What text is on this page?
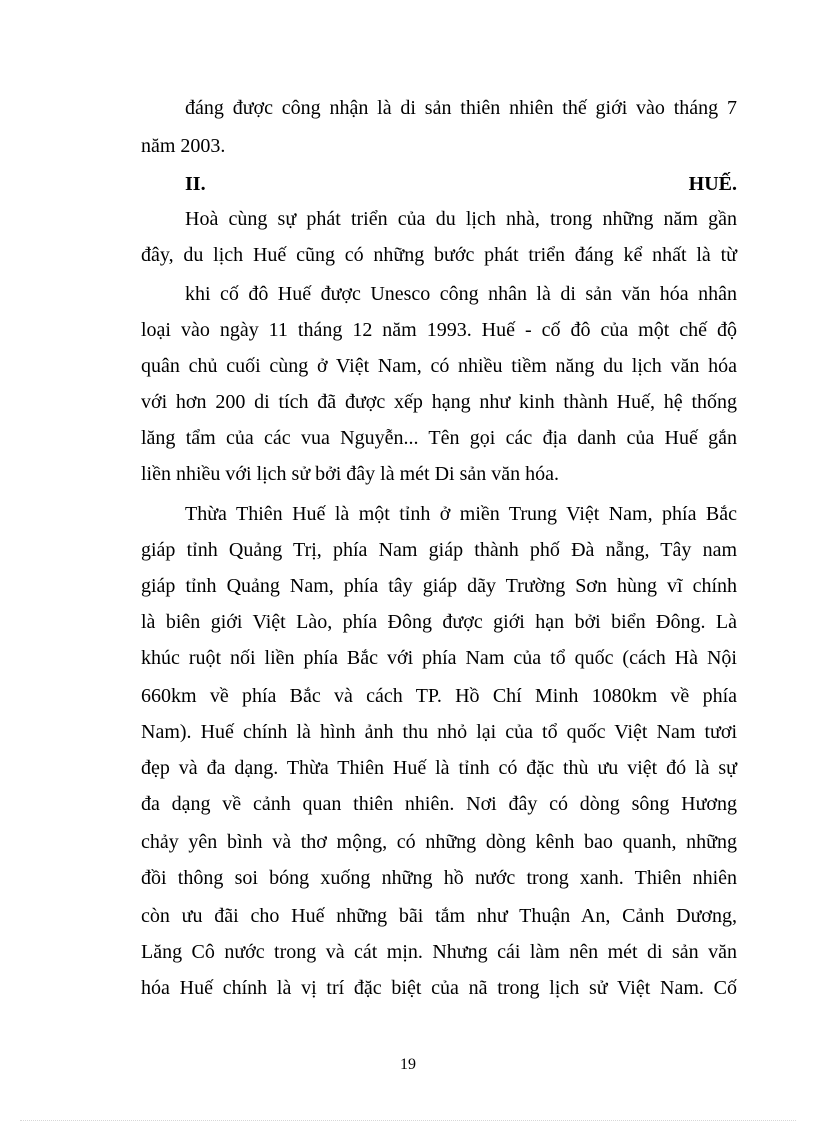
đáng được công nhận là di sản thiên nhiên thế giới vào tháng 7
năm 2003.
II.	HUẾ.
Hoà cùng sự phát triển của du lịch nhà, trong những năm gần
đây, du lịch Huế cũng có những bước phát triển đáng kể nhất là từ
khi cố đô Huế được Unesco công nhân là di sản văn hóa nhân
loại vào ngày 11 tháng 12 năm 1993. Huế - cố đô của một chế độ
quân chủ cuối cùng ở Việt Nam, có nhiều tiềm năng du lịch văn hóa
với hơn 200 di tích đã được xếp hạng như kinh thành Huế, hệ thống
lăng tẩm của các vua Nguyễn... Tên gọi các địa danh của Huế gắn
liền nhiều với lịch sử bởi đây là mét Di sản văn hóa.
Thừa Thiên Huế là một tỉnh ở miền Trung Việt Nam, phía Bắc
giáp tỉnh Quảng Trị, phía Nam giáp thành phố Đà nẵng, Tây nam
giáp tỉnh Quảng Nam, phía tây giáp dãy Trường Sơn hùng vĩ chính
là biên giới Việt Lào, phía Đông được giới hạn bởi biển Đông. Là
khúc ruột nối liền phía Bắc với phía Nam của tổ quốc (cách Hà Nội
660km về phía Bắc và cách TP. Hồ Chí Minh 1080km về phía
Nam). Huế chính là hình ảnh thu nhỏ lại của tổ quốc Việt Nam tươi
đẹp và đa dạng. Thừa Thiên Huế là tỉnh có đặc thù ưu việt đó là sự
đa dạng về cảnh quan thiên nhiên. Nơi đây có dòng sông Hương
chảy yên bình và thơ mộng, có những dòng kênh bao quanh, những
đồi thông soi bóng xuống những hồ nước trong xanh. Thiên nhiên
còn ưu đãi cho Huế những bãi tắm như Thuận An, Cảnh Dương,
Lăng Cô nước trong và cát mịn. Nhưng cái làm nên mét di sản văn
hóa Huế chính là vị trí đặc biệt của nã trong lịch sử Việt Nam. Cố
19
